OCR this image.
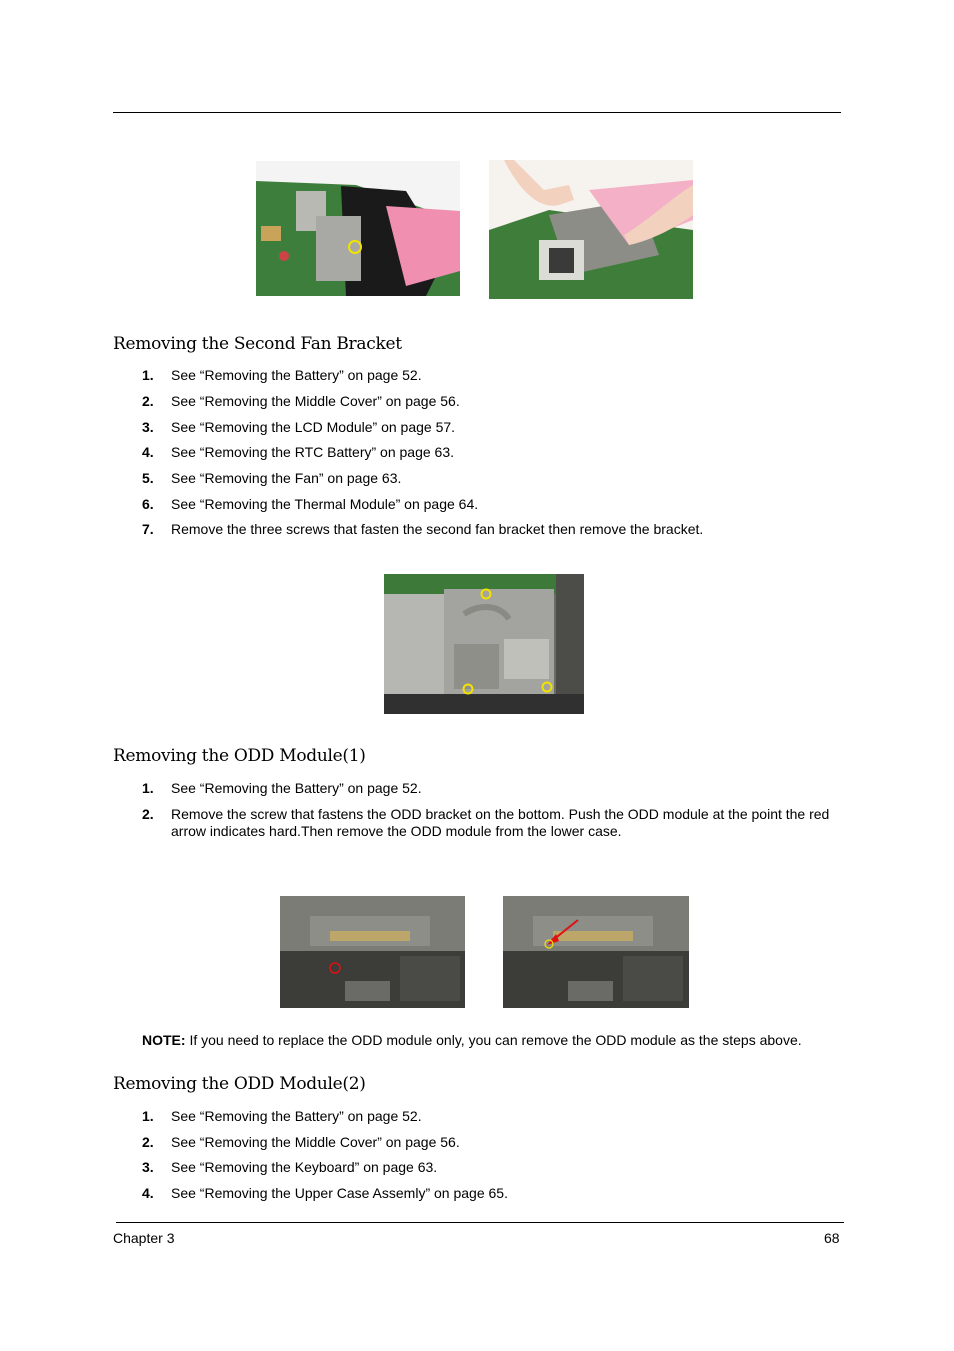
Removing the Second Fan Bracket
1. See “Removing the Battery” on page 52.
2. See “Removing the Middle Cover” on page 56.
3. See “Removing the LCD Module” on page 57.
4. See “Removing the RTC Battery” on page 63.
5. See “Removing the Fan” on page 63.
6. See “Removing the Thermal Module” on page 64.
7. Remove the three screws that fasten the second fan bracket then remove the bracket.
Removing the ODD Module(1)
1. See “Removing the Battery” on page 52.
2. Remove the screw that fastens the ODD bracket on the bottom. Push the ODD module at the point the red arrow indicates hard.Then remove the ODD module from the lower case.
NOTE: If you need to replace the ODD module only, you can remove the ODD module as the steps above.
Removing the ODD Module(2)
1. See “Removing the Battery” on page 52.
2. See “Removing the Middle Cover” on page 56.
3. See “Removing the Keyboard” on page 63.
4. See “Removing the Upper Case Assemly” on page 65.
Chapter 3	68
